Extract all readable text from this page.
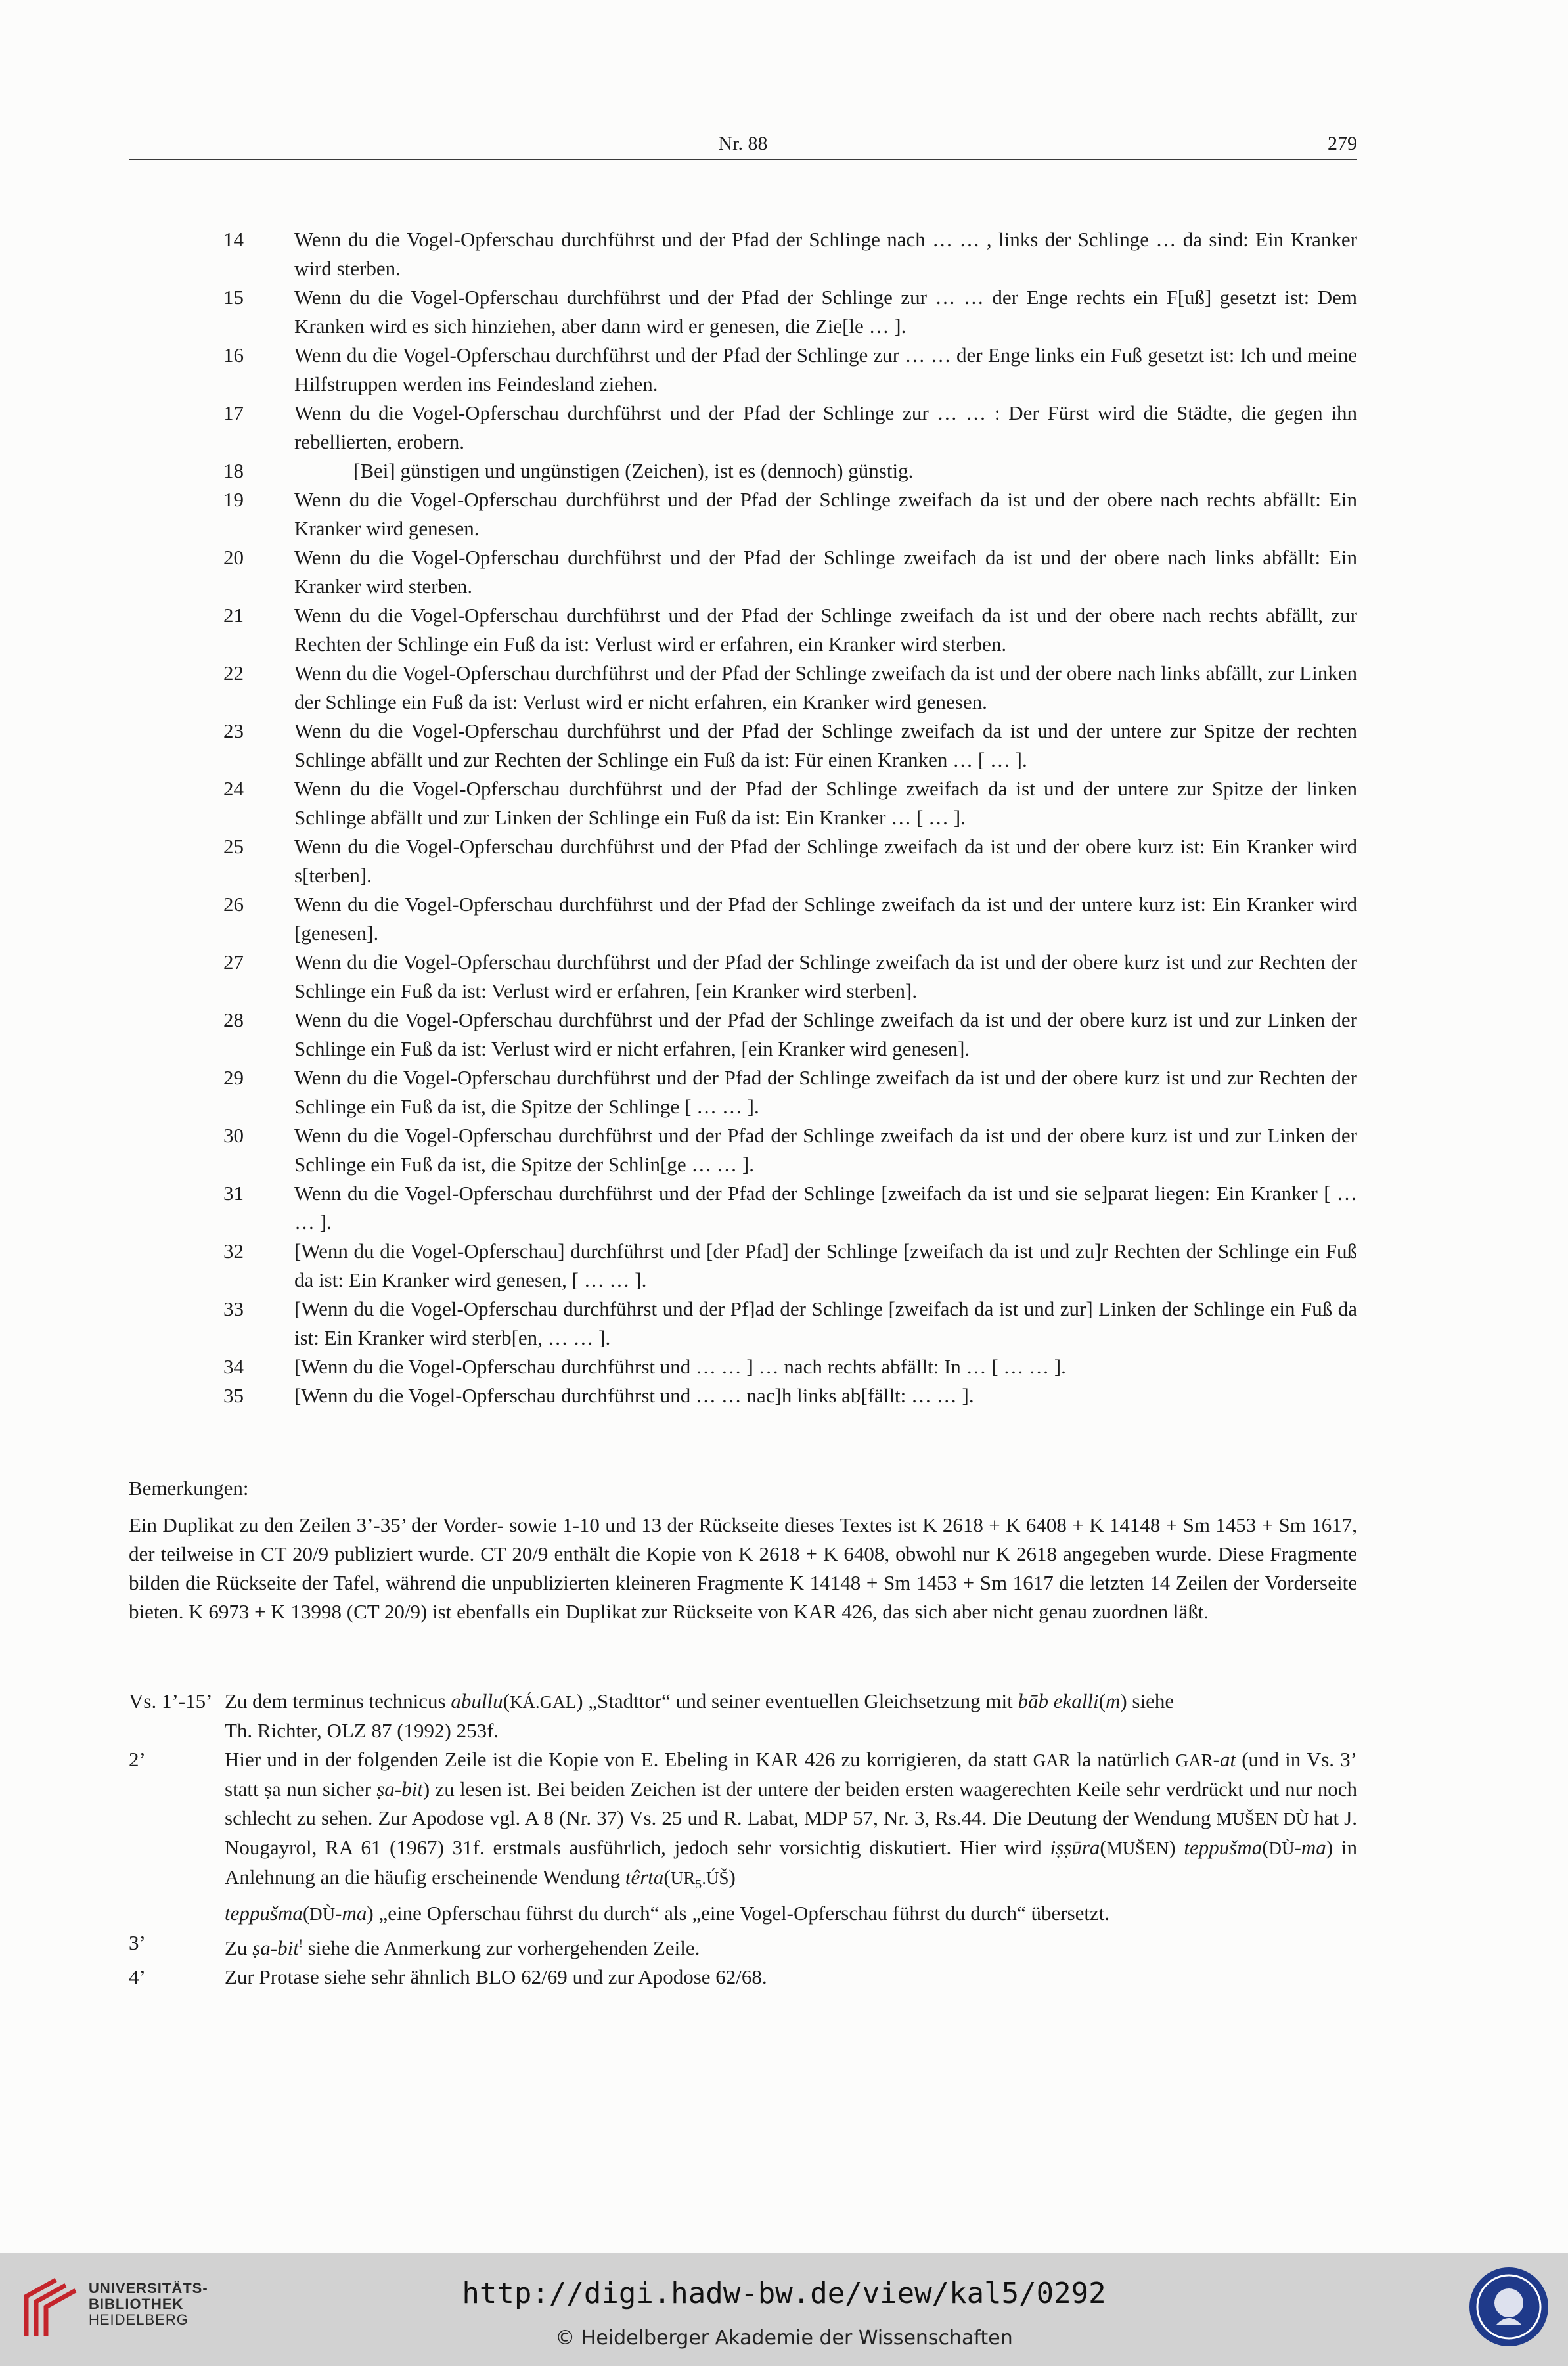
Nr. 88	279
14	Wenn du die Vogel-Opferschau durchführst und der Pfad der Schlinge nach … … , links der Schlinge … da sind: Ein Kranker wird sterben.
15	Wenn du die Vogel-Opferschau durchführst und der Pfad der Schlinge zur … … der Enge rechts ein F[uß] gesetzt ist: Dem Kranken wird es sich hinziehen, aber dann wird er genesen, die Zie[le … ].
16	Wenn du die Vogel-Opferschau durchführst und der Pfad der Schlinge zur … … der Enge links ein Fuß gesetzt ist: Ich und meine Hilfstruppen werden ins Feindesland ziehen.
17	Wenn du die Vogel-Opferschau durchführst und der Pfad der Schlinge zur … … : Der Fürst wird die Städte, die gegen ihn rebellierten, erobern.
18	[Bei] günstigen und ungünstigen (Zeichen), ist es (dennoch) günstig.
19	Wenn du die Vogel-Opferschau durchführst und der Pfad der Schlinge zweifach da ist und der obere nach rechts abfällt: Ein Kranker wird genesen.
20	Wenn du die Vogel-Opferschau durchführst und der Pfad der Schlinge zweifach da ist und der obere nach links abfällt: Ein Kranker wird sterben.
21	Wenn du die Vogel-Opferschau durchführst und der Pfad der Schlinge zweifach da ist und der obere nach rechts abfällt, zur Rechten der Schlinge ein Fuß da ist: Verlust wird er erfahren, ein Kranker wird sterben.
22	Wenn du die Vogel-Opferschau durchführst und der Pfad der Schlinge zweifach da ist und der obere nach links abfällt, zur Linken der Schlinge ein Fuß da ist: Verlust wird er nicht erfahren, ein Kranker wird genesen.
23	Wenn du die Vogel-Opferschau durchführst und der Pfad der Schlinge zweifach da ist und der untere zur Spitze der rechten Schlinge abfällt und zur Rechten der Schlinge ein Fuß da ist: Für einen Kranken … [ … ].
24	Wenn du die Vogel-Opferschau durchführst und der Pfad der Schlinge zweifach da ist und der untere zur Spitze der linken Schlinge abfällt und zur Linken der Schlinge ein Fuß da ist: Ein Kranker … [ … ].
25	Wenn du die Vogel-Opferschau durchführst und der Pfad der Schlinge zweifach da ist und der obere kurz ist: Ein Kranker wird s[terben].
26	Wenn du die Vogel-Opferschau durchführst und der Pfad der Schlinge zweifach da ist und der untere kurz ist: Ein Kranker wird [genesen].
27	Wenn du die Vogel-Opferschau durchführst und der Pfad der Schlinge zweifach da ist und der obere kurz ist und zur Rechten der Schlinge ein Fuß da ist: Verlust wird er erfahren, [ein Kranker wird sterben].
28	Wenn du die Vogel-Opferschau durchführst und der Pfad der Schlinge zweifach da ist und der obere kurz ist und zur Linken der Schlinge ein Fuß da ist: Verlust wird er nicht erfahren, [ein Kranker wird genesen].
29	Wenn du die Vogel-Opferschau durchführst und der Pfad der Schlinge zweifach da ist und der obere kurz ist und zur Rechten der Schlinge ein Fuß da ist, die Spitze der Schlinge [ … … ].
30	Wenn du die Vogel-Opferschau durchführst und der Pfad der Schlinge zweifach da ist und der obere kurz ist und zur Linken der Schlinge ein Fuß da ist, die Spitze der Schlin[ge … … ].
31	Wenn du die Vogel-Opferschau durchführst und der Pfad der Schlinge [zweifach da ist und sie se]parat liegen: Ein Kranker [ … … ].
32	[Wenn du die Vogel-Opferschau] durchführst und [der Pfad] der Schlinge [zweifach da ist und zu]r Rechten der Schlinge ein Fuß da ist: Ein Kranker wird genesen, [ … … ].
33	[Wenn du die Vogel-Opferschau durchführst und der Pf]ad der Schlinge [zweifach da ist und zur] Linken der Schlinge ein Fuß da ist: Ein Kranker wird sterb[en, … … ].
34	[Wenn du die Vogel-Opferschau durchführst und … … ] … nach rechts abfällt: In … [ … … ].
35	[Wenn du die Vogel-Opferschau durchführst und … … nac]h links ab[fällt: … … ].
Bemerkungen:
Ein Duplikat zu den Zeilen 3’-35’ der Vorder- sowie 1-10 und 13 der Rückseite dieses Textes ist K 2618 + K 6408 + K 14148 + Sm 1453 + Sm 1617, der teilweise in CT 20/9 publiziert wurde. CT 20/9 enthält die Kopie von K 2618 + K 6408, obwohl nur K 2618 angegeben wurde. Diese Fragmente bilden die Rückseite der Tafel, während die unpublizierten kleineren Fragmente K 14148 + Sm 1453 + Sm 1617 die letzten 14 Zeilen der Vorderseite bieten. K 6973 + K 13998 (CT 20/9) ist ebenfalls ein Duplikat zur Rückseite von KAR 426, das sich aber nicht genau zuordnen läßt.
Vs. 1’-15’ Zu dem terminus technicus abullu(KÁ.GAL) „Stadttor“ und seiner eventuellen Gleichsetzung mit bāb ekalli(m) siehe
Th. Richter, OLZ 87 (1992) 253f.
2’	Hier und in der folgenden Zeile ist die Kopie von E. Ebeling in KAR 426 zu korrigieren, da statt GAR la natürlich GAR-at (und in Vs. 3’ statt ṣa nun sicher ṣa-bit) zu lesen ist. Bei beiden Zeichen ist der untere der beiden ersten waagerechten Keile sehr verdrückt und nur noch schlecht zu sehen. Zur Apodose vgl. A 8 (Nr. 37) Vs. 25 und R. Labat, MDP 57, Nr. 3, Rs.44. Die Deutung der Wendung MUŠEN DÙ hat J. Nougayrol, RA 61 (1967) 31f. erstmals ausführlich, jedoch sehr vorsichtig diskutiert. Hier wird iṣṣūra(MUŠEN) teppušma(DÙ-ma) in Anlehnung an die häufig erscheinende Wendung $têrta(UR_5.ÚŠ)$
teppušma(DÙ-ma) „eine Opferschau führst du durch“ als „eine Vogel-Opferschau führst du durch“ übersetzt.
3’	Zu ṣa-bit! siehe die Anmerkung zur vorhergehenden Zeile.
4’	Zur Protase siehe sehr ähnlich BLO 62/69 und zur Apodose 62/68.
UNIVERSITÄTS-
BIBLIOTHEK
HEIDELBERG
http://digi.hadw-bw.de/view/kal5/0292
© Heidelberger Akademie der Wissenschaften
